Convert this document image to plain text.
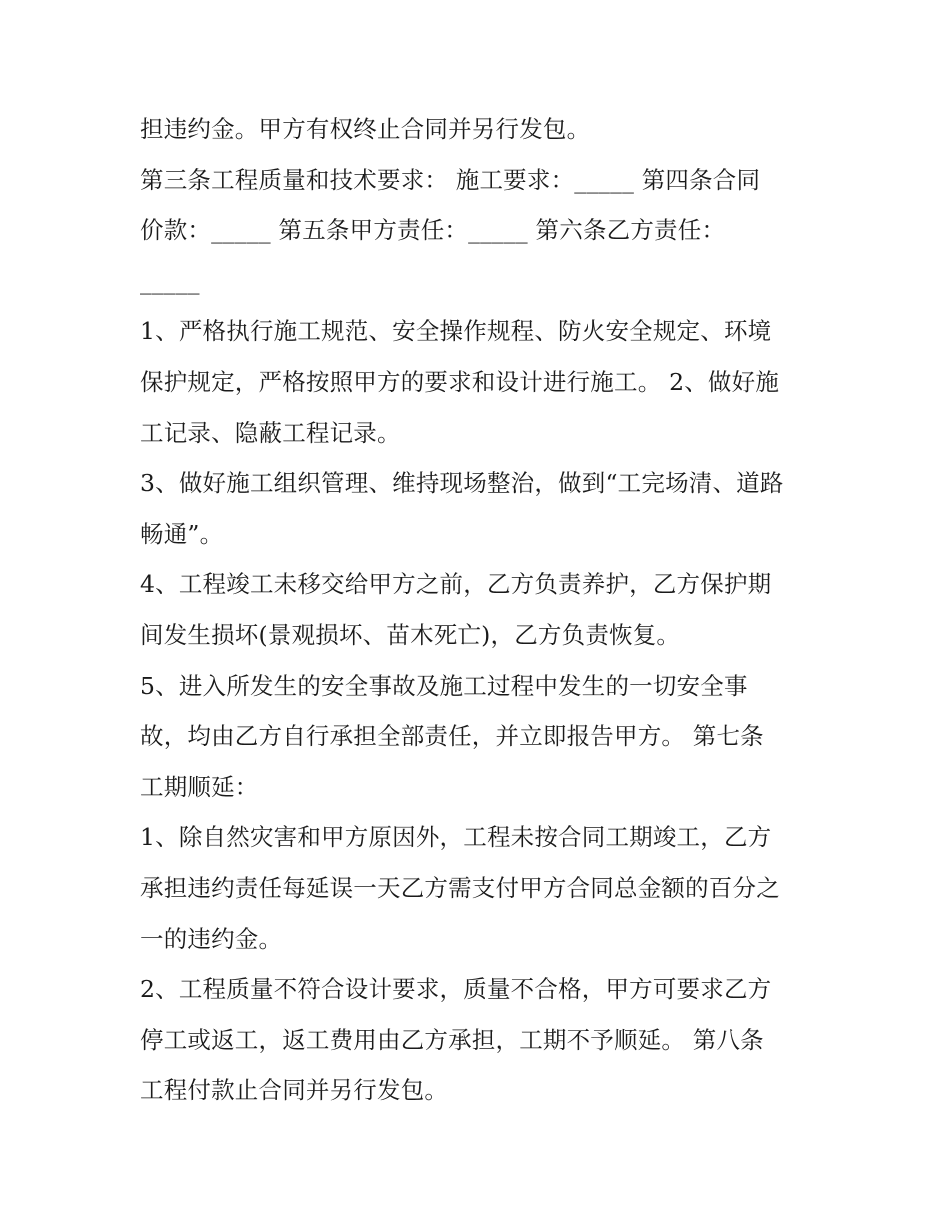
担违约金。甲方有权终止合同并另行发包。
第三条工程质量和技术要求： 施工要求：_____ 第四条合同
价款：_____ 第五条甲方责任：_____ 第六条乙方责任：
_____
1、严格执行施工规范、安全操作规程、防火安全规定、环境
保护规定，严格按照甲方的要求和设计进行施工。 2、做好施
工记录、隐蔽工程记录。
3、做好施工组织管理、维持现场整治，做到“工完场清、道路
畅通”。
4、工程竣工未移交给甲方之前，乙方负责养护，乙方保护期
间发生损坏(景观损坏、苗木死亡)，乙方负责恢复。
5、进入所发生的安全事故及施工过程中发生的一切安全事
故，均由乙方自行承担全部责任，并立即报告甲方。 第七条
工期顺延：
1、除自然灾害和甲方原因外，工程未按合同工期竣工，乙方
承担违约责任每延误一天乙方需支付甲方合同总金额的百分之
一的违约金。
2、工程质量不符合设计要求，质量不合格，甲方可要求乙方
停工或返工，返工费用由乙方承担，工期不予顺延。 第八条
工程付款止合同并另行发包。
